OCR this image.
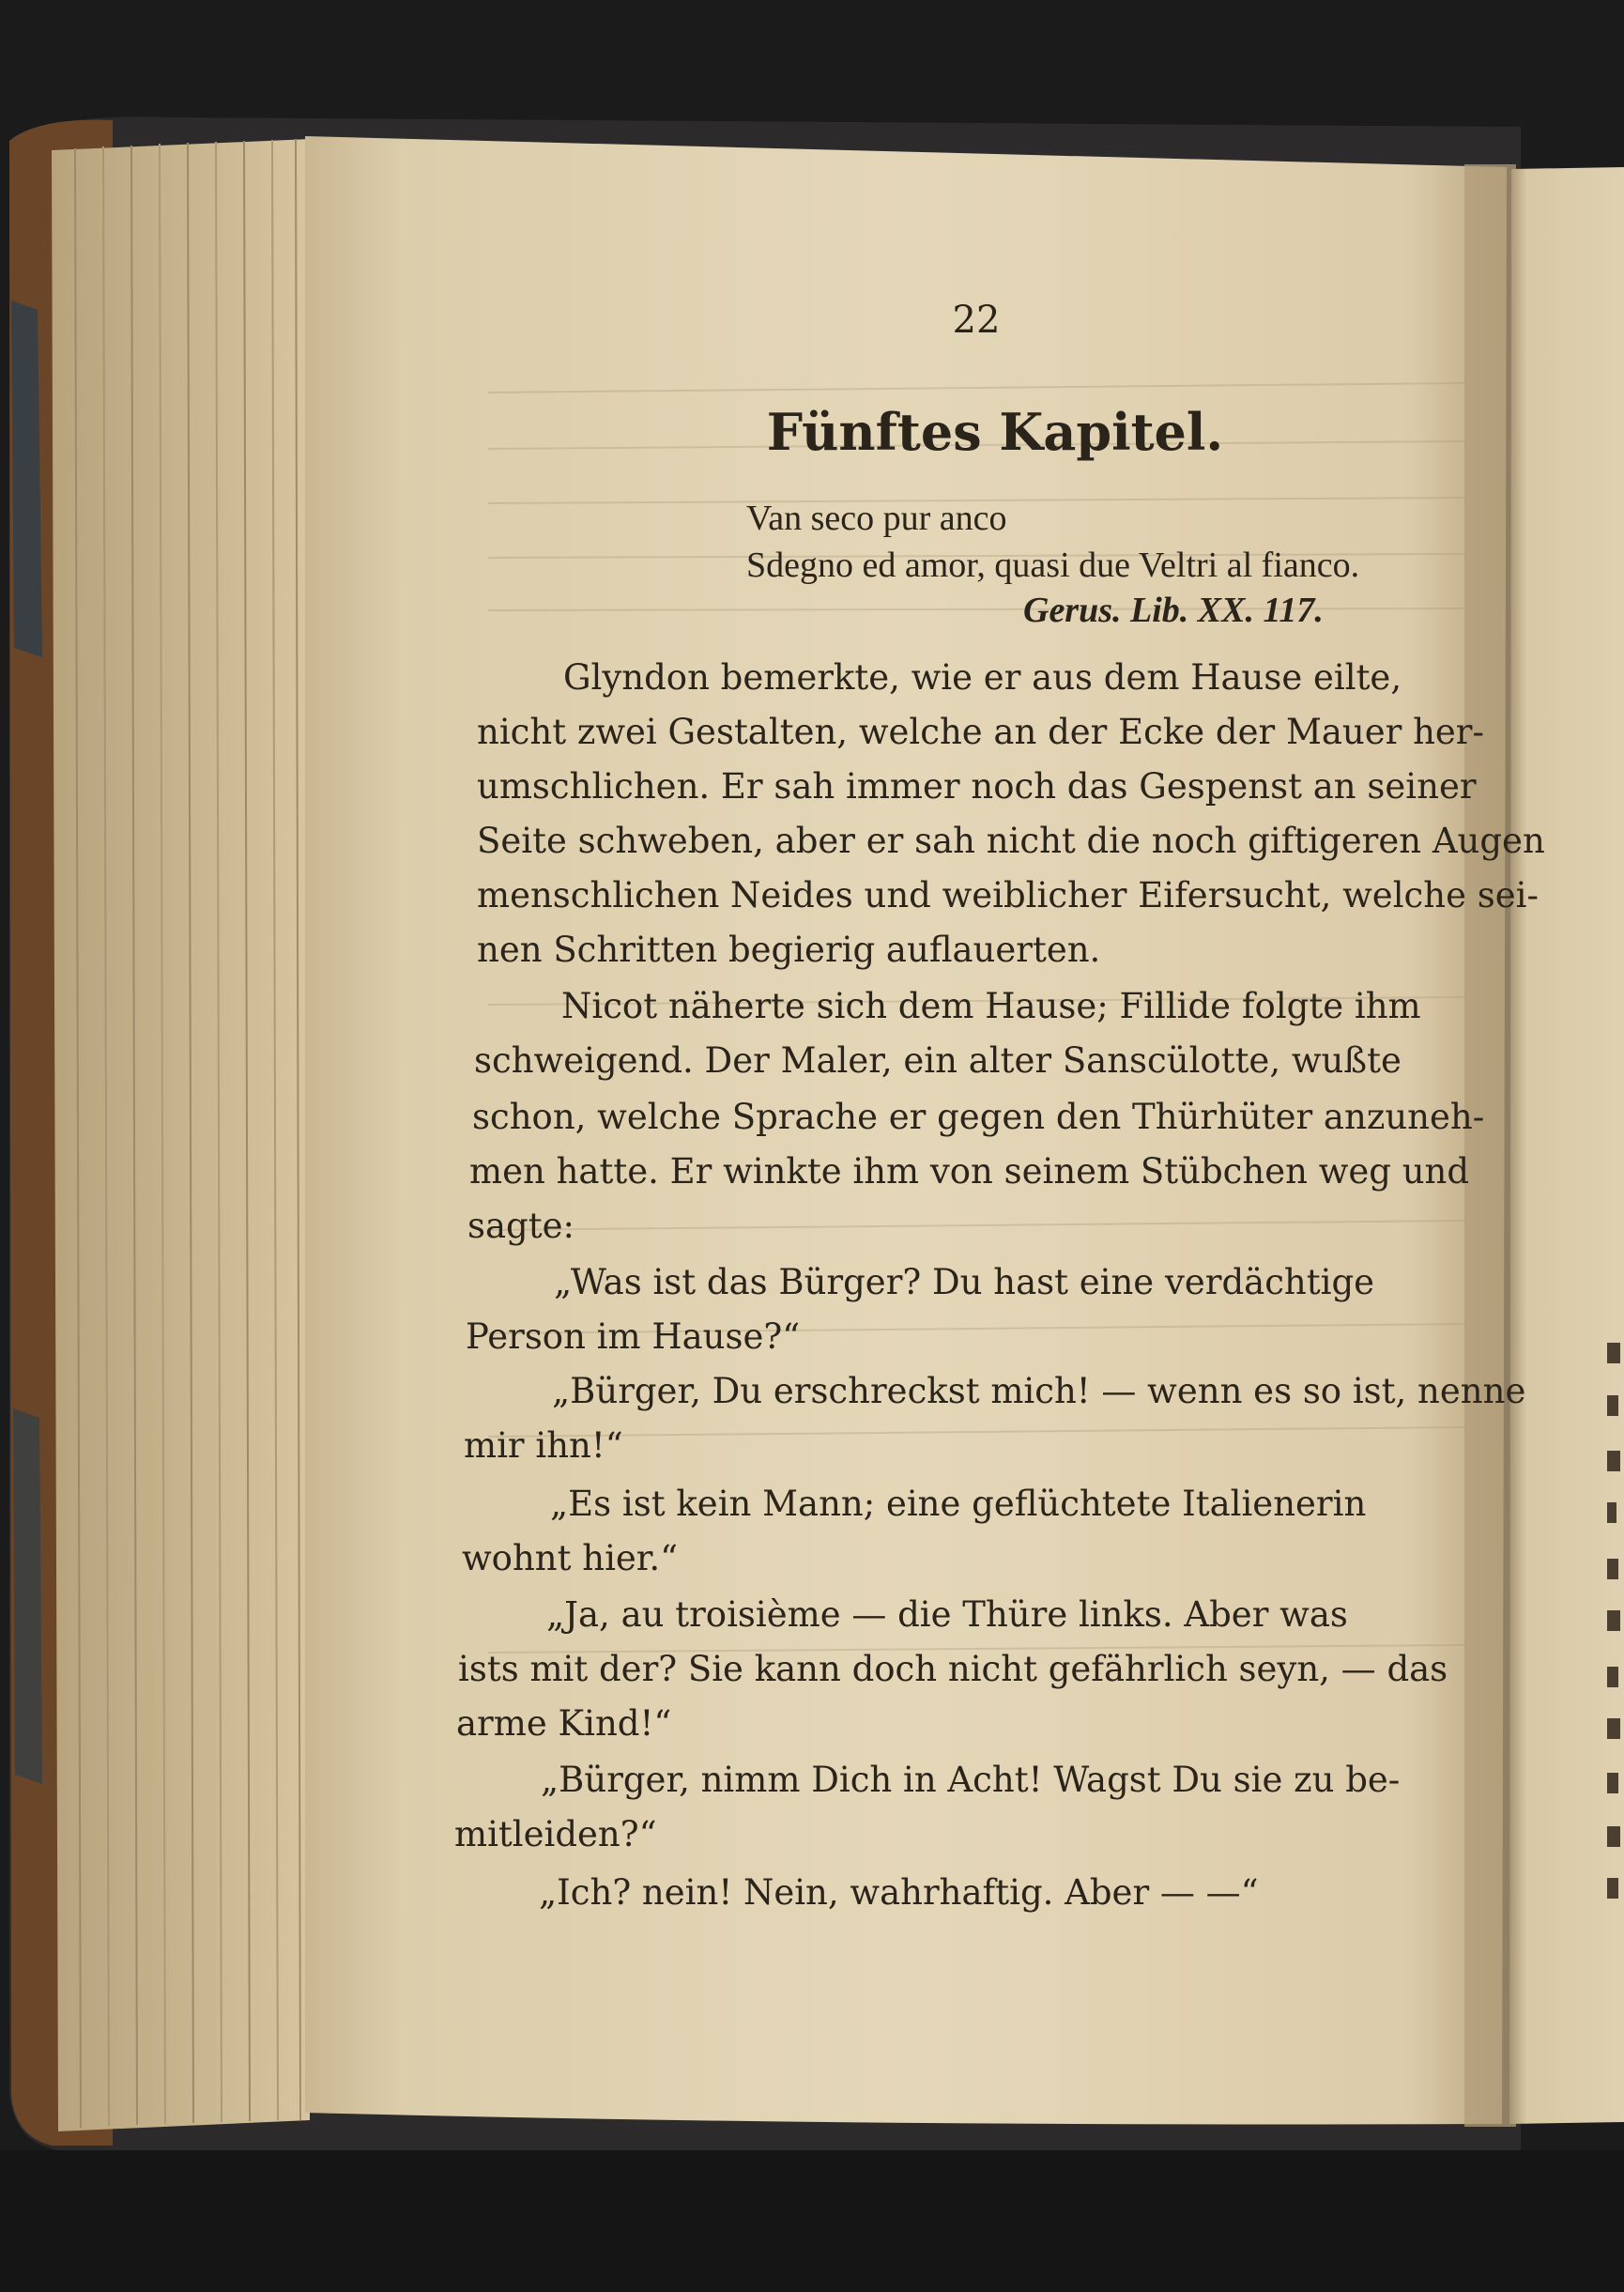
22
Fünftes Kapitel.
Van seco pur anco
Sdegno ed amor, quasi due Veltri al fianco.
Gerus. Lib. XX. 117.

Glyndon bemerkte, wie er aus dem Hause eilte,

nicht zwei Gestalten, welche an der Ecke der Mauer her-

umschlichen. Er sah immer noch das Gespenst an seiner

Seite schweben, aber er sah nicht die noch giftigeren Augen

menschlichen Neides und weiblicher Eifersucht, welche sei-

nen Schritten begierig auflauerten.

Nicot näherte sich dem Hause; Fillide folgte ihm

schweigend. Der Maler, ein alter Sanscülotte, wußte

schon, welche Sprache er gegen den Thürhüter anzuneh-

men hatte. Er winkte ihm von seinem Stübchen weg und

sagte:

„Was ist das Bürger? Du hast eine verdächtige

Person im Hause?“

„Bürger, Du erschreckst mich! — wenn es so ist, nenne

mir ihn!“

„Es ist kein Mann; eine geflüchtete Italienerin

wohnt hier.“

„Ja, au troisième — die Thüre links. Aber was

ists mit der? Sie kann doch nicht gefährlich seyn, — das

arme Kind!“

„Bürger, nimm Dich in Acht! Wagst Du sie zu be-

mitleiden?“

„Ich? nein! Nein, wahrhaftig. Aber — —“
